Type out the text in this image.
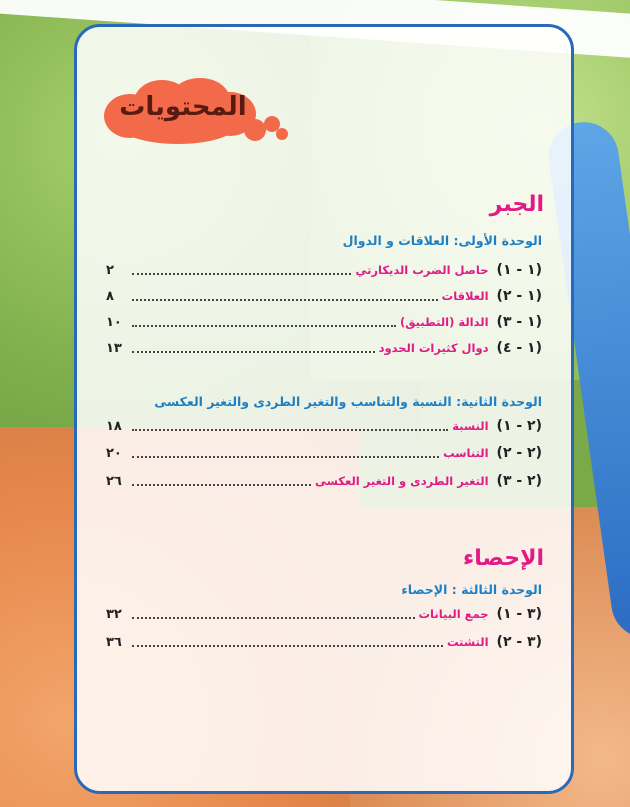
المحتويات
الجبر
الوحدة الأولى: العلاقات و الدوال
(١ - ١)
حاصل الضرب الديكارتي
٢
(١ - ٢)
العلاقات
٨
(١ - ٣)
الدالة (التطبيق)
١٠
(١ - ٤)
دوال كثيرات الحدود
١٣
الوحدة الثانية: النسبة والتناسب والتغير الطردى والتغير العكسى
(٢ - ١)
النسبة
١٨
(٢ - ٢)
التناسب
٢٠
(٢ - ٣)
التغير الطردى و التغير العكسى
٢٦
الإحصاء
الوحدة الثالثة : الإحصاء
(٣ - ١)
جمع البيانات
٣٢
(٣ - ٢)
التشتت
٣٦
